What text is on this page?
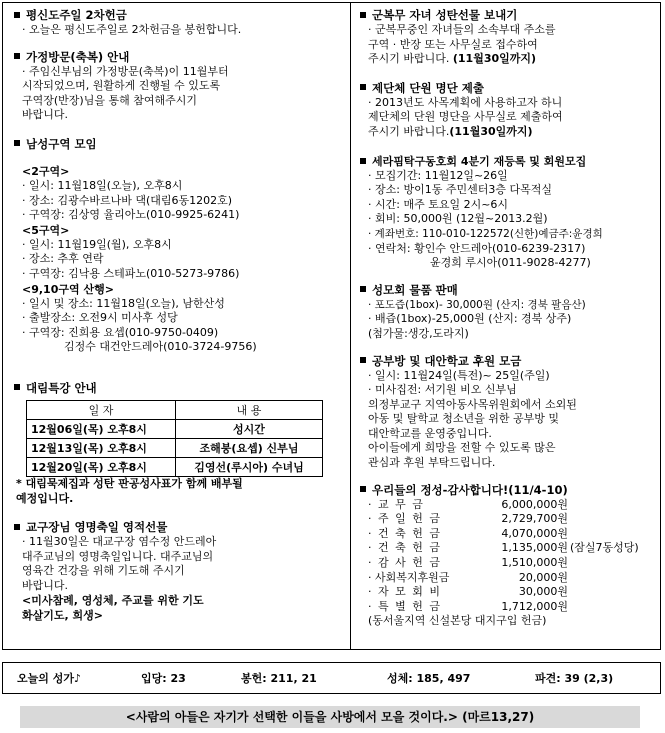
평신도주일 2차헌금
· 오늘은 평신도주일로 2차헌금을 봉헌합니다.
가정방문(축복) 안내
· 주임신부님의 가정방문(축복)이 11월부터
시작되었으며, 원활하게 진행될 수 있도록
구역장(반장)님을 통해 참여해주시기
바랍니다.
남성구역 모임
<2구역>
· 일시: 11월18일(오늘), 오후8시
· 장소: 김광수바르나바 댁(대림6동1202호)
· 구역장: 김상영 율리아노(010-9925-6241)
<5구역>
· 일시: 11월19일(월), 오후8시
· 장소: 추후 연락
· 구역장: 김낙용 스테파노(010-5273-9786)
<9,10구역 산행>
· 일시 및 장소: 11월18일(오늘), 남한산성
· 출발장소: 오전9시 미사후 성당
· 구역장: 진희용 요셉(010-9750-0409)
김정수 대건안드레아(010-3724-9756)
대림특강 안내
일 자	내 용
12월06일(목) 오후8시	성시간
12월13일(목) 오후8시	조해붕(요셉) 신부님
12월20일(목) 오후8시	김영선(루시아) 수녀님
* 대림묵제집과 성탄 판공성사표가 함께 배부될
예정입니다.
교구장님 영명축일 영적선물
· 11월30일은 대교구장 염수정 안드레아
대주교님의 영명축일입니다. 대주교님의
영육간 건강을 위해 기도해 주시기
바랍니다.
<미사참례, 영성체, 주교를 위한 기도
화살기도, 희생>
군복무 자녀 성탄선물 보내기
· 군복무중인 자녀들의 소속부대 주소를
구역 · 반장 또는 사무실로 접수하여
주시기 바랍니다. (11월30일까지)
제단체 단원 명단 제출
· 2013년도 사목계획에 사용하고자 하니
제단체의 단원 명단을 사무실로 제출하여
주시기 바랍니다.(11월30일까지)
세라핌탁구동호회 4분기 재등록 및 회원모집
· 모집기간: 11월12일~26일
· 장소: 방이1동 주민센터3층 다목적실
· 시간: 매주 토요일 2시~6시
· 회비: 50,000원 (12월~2013.2월)
· 계좌번호: 110-010-122572(신한)예금주:윤경희
· 연락처: 황인수 안드레아(010-6239-2317)
윤경희 루시아(011-9028-4277)
성모회 물품 판매
· 포도즙(1box)- 30,000원 (산지: 경북 팔음산)
· 배즙(1box)-25,000원 (산지: 경북 상주)
(첨가물:생강,도라지)
공부방 및 대안학교 후원 모금
· 일시: 11월24일(특전)~ 25일(주일)
· 미사집전: 서기원 비오 신부님
의정부교구 지역아동사목위원회에서 소외된
아동 및 탈학교 청소년을 위한 공부방 및
대안학교를 운영중입니다.
아이들에게 희망을 전할 수 있도록 많은
관심과 후원 부탁드립니다.
우리들의 정성-감사합니다!(11/4-10)
· 교 무 금	6,000,000원
· 주 일 헌 금	2,729,700원
· 건 축 헌 금	4,070,000원
· 건 축 헌 금	1,135,000원 (잠실7동성당)
· 감 사 헌 금	1,510,000원
· 사회복지후원금	20,000원
· 자 모 회 비	30,000원
· 특 별 헌 금	1,712,000원
(동서울지역 신설본당 대지구입 헌금)
오늘의 성가♪	입당: 23	봉헌: 211, 21	성체: 185, 497	파견: 39 (2,3)
<사람의 아들은 자기가 선택한 이들을 사방에서 모을 것이다.> (마르13,27)
